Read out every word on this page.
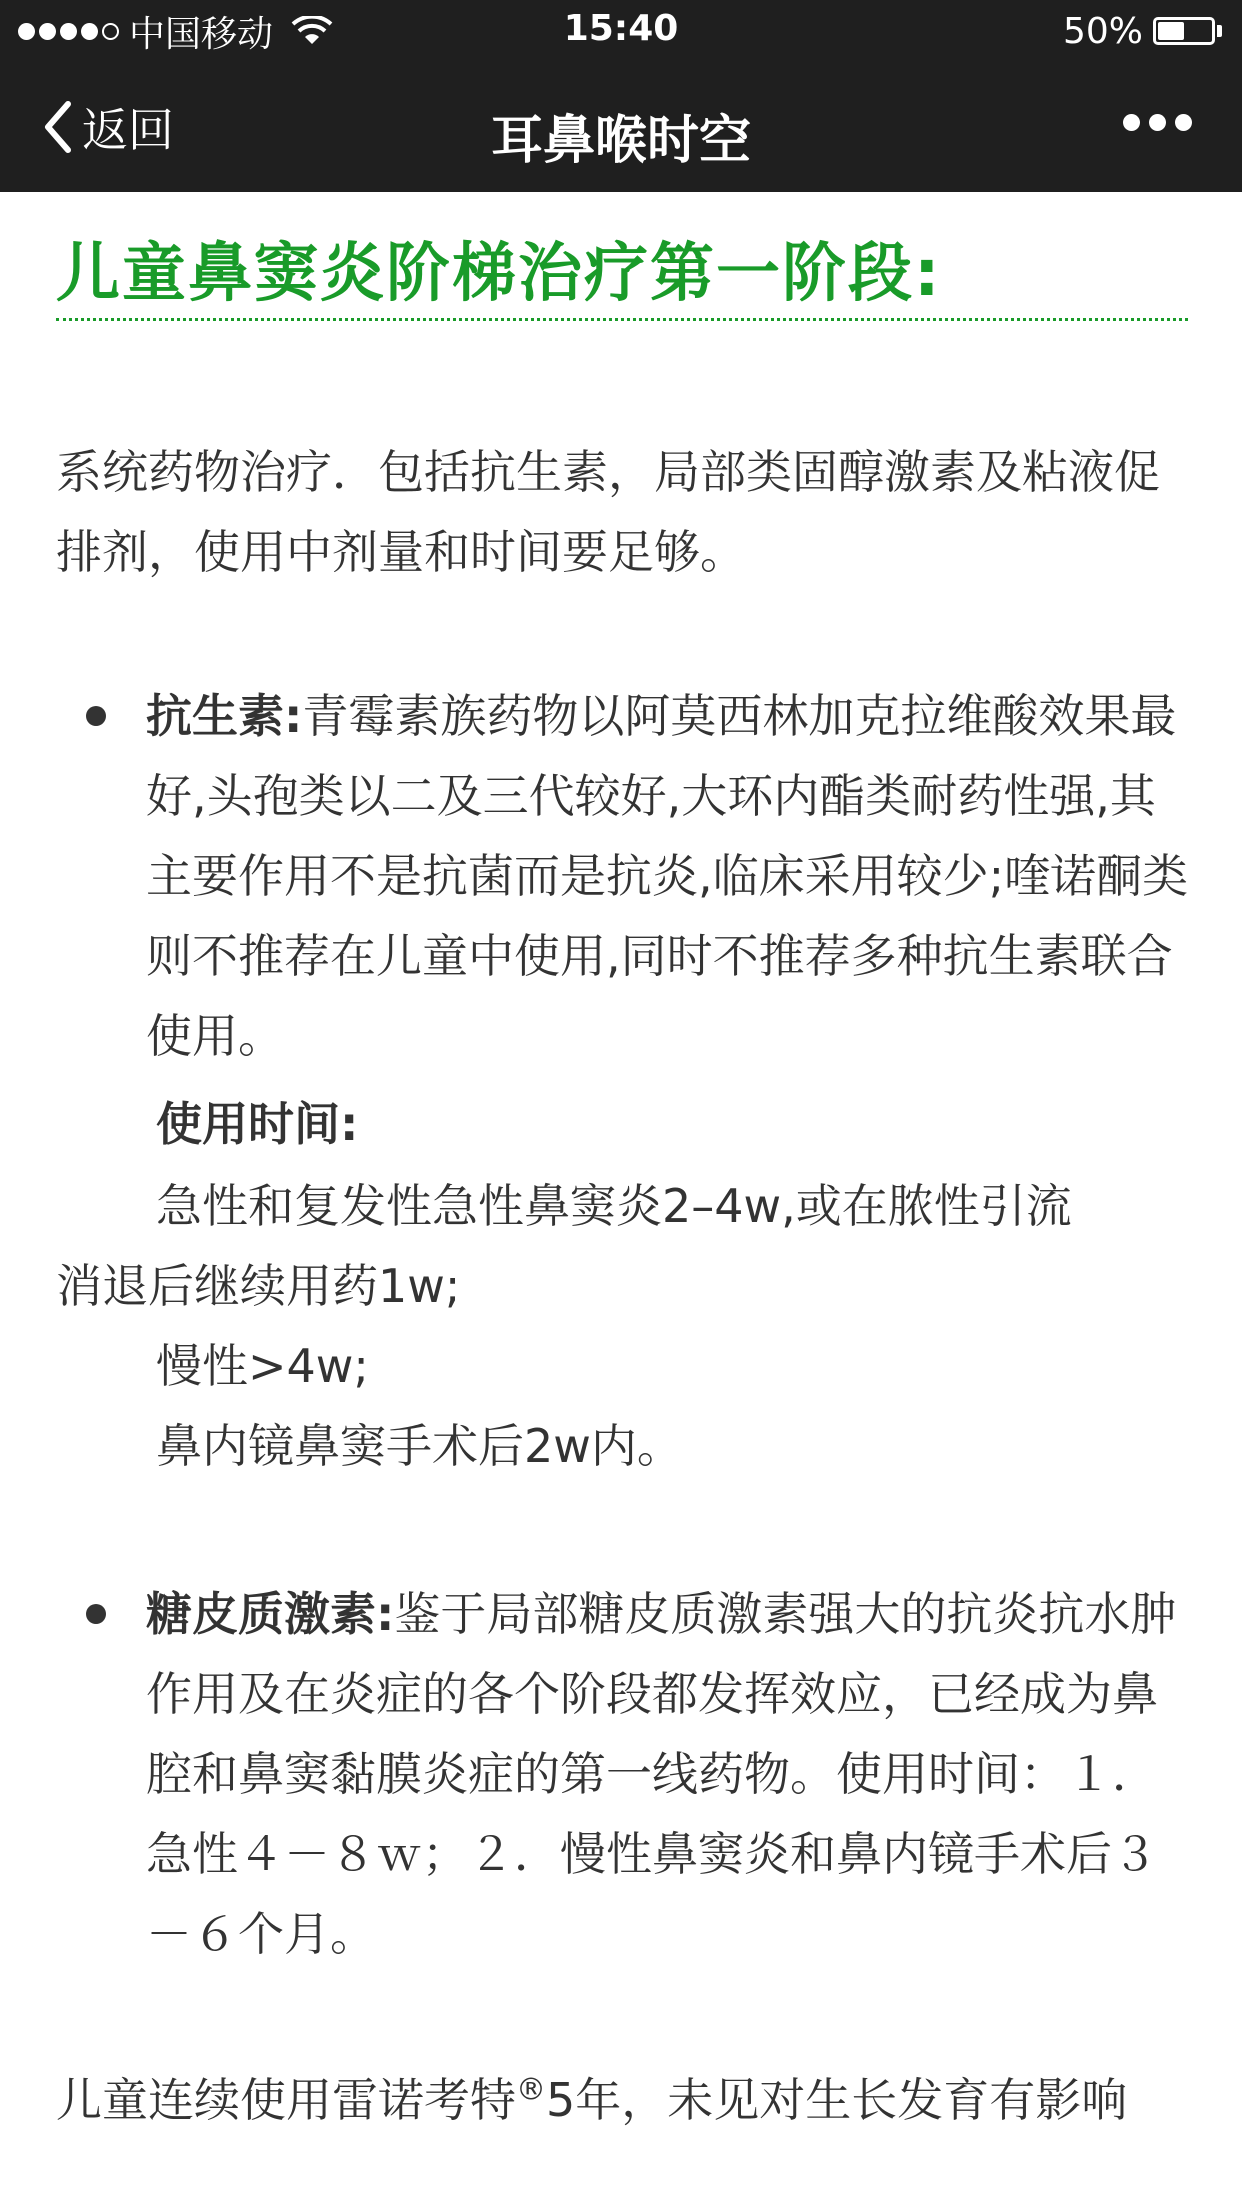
中国移动	15:40	50%
返回	耳鼻喉时空
儿童鼻窦炎阶梯治疗第一阶段:
系统药物治疗．包括抗生素，局部类固醇激素及粘液促排剂，使用中剂量和时间要足够。
抗生素:青霉素族药物以阿莫西林加克拉维酸效果最好,头孢类以二及三代较好,大环内酯类耐药性强,其主要作用不是抗菌而是抗炎,临床采用较少;喹诺酮类则不推荐在儿童中使用,同时不推荐多种抗生素联合使用。
使用时间:
急性和复发性急性鼻窦炎2–4w,或在脓性引流
消退后继续用药1w;
慢性>4w;
鼻内镜鼻窦手术后2w内。
糖皮质激素:鉴于局部糖皮质激素强大的抗炎抗水肿作用及在炎症的各个阶段都发挥效应，已经成为鼻腔和鼻窦黏膜炎症的第一线药物。使用时间：１．急性４－８ｗ；２．慢性鼻窦炎和鼻内镜手术后３－６个月。
儿童连续使用雷诺考特®5年，未见对生长发育有影响
